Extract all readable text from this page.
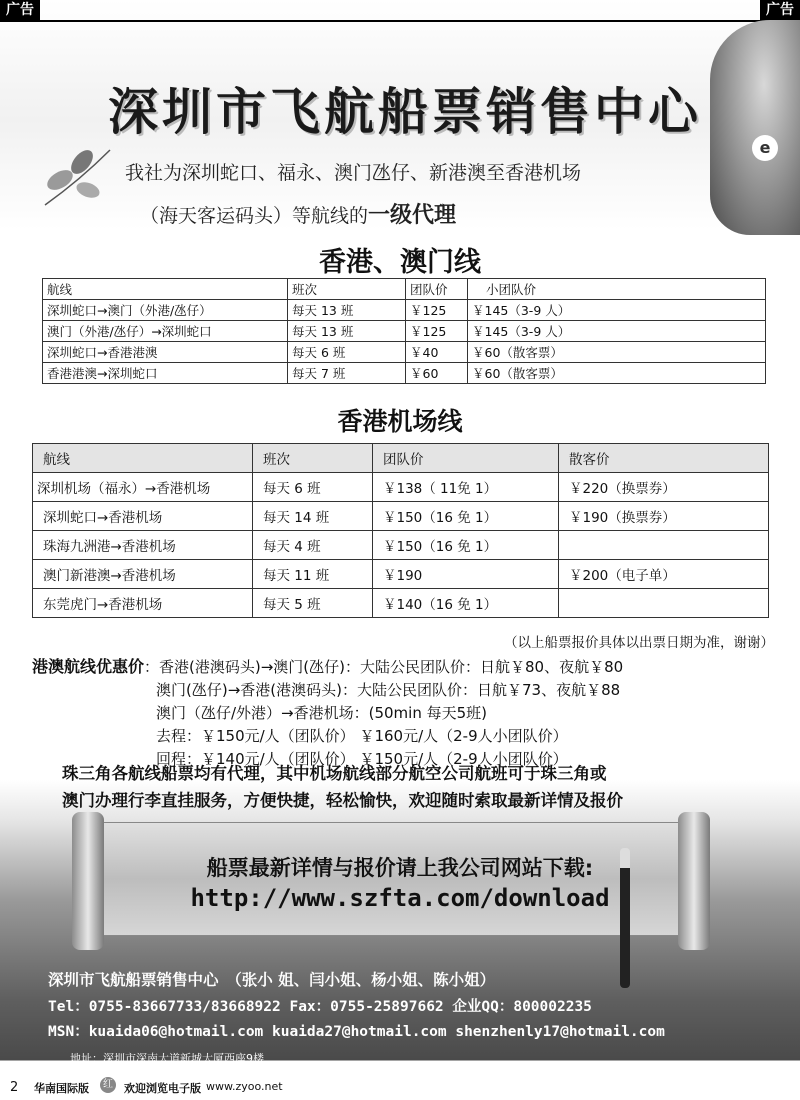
广告	广告
e
深圳市飞航船票销售中心
我社为深圳蛇口、福永、澳门氹仔、新港澳至香港机场
（海天客运码头）等航线的一级代理
香港、澳门线
航线	班次	团队价	小团队价
深圳蛇口→澳门（外港/氹仔）	每天 13 班	￥125	￥145（3-9 人）
澳门（外港/氹仔）→深圳蛇口	每天 13 班	￥125	￥145（3-9 人）
深圳蛇口→香港港澳	每天 6 班	￥40	￥60（散客票）
香港港澳→深圳蛇口	每天 7 班	￥60	￥60（散客票）
香港机场线
航线	班次	团队价	散客价
深圳机场（福永）→香港机场	每天 6 班	￥138（ 11免 1）	￥220（换票券）
深圳蛇口→香港机场	每天 14 班	￥150（16 免 1）	￥190（换票券）
珠海九洲港→香港机场	每天 4 班	￥150（16 免 1）	
澳门新港澳→香港机场	每天 11 班	￥190	￥200（电子单）
东莞虎门→香港机场	每天 5 班	￥140（16 免 1）	
（以上船票报价具体以出票日期为准，谢谢）
港澳航线优惠价：香港(港澳码头)→澳门(氹仔)：大陆公民团队价：日航￥80、夜航￥80
澳门(氹仔)→香港(港澳码头)：大陆公民团队价：日航￥73、夜航￥88
澳门（氹仔/外港）→香港机场：(50min 每天5班)
去程：￥150元/人（团队价） ￥160元/人（2-9人小团队价）
回程：￥140元/人（团队价） ￥150元/人（2-9人小团队价）
珠三角各航线船票均有代理，其中机场航线部分航空公司航班可于珠三角或
澳门办理行李直挂服务，方便快捷，轻松愉快，欢迎随时索取最新详情及报价
船票最新详情与报价请上我公司网站下载:
http://www.szfta.com/download
深圳市飞航船票销售中心　（张小 姐、闫小姐、杨小姐、陈小姐）
Tel：0755-83667733/83668922 Fax：0755-25897662 企业QQ：800002235
MSN：kuaida06@hotmail.com kuaida27@hotmail.com shenzhenly17@hotmail.com
地址：深圳市深南大道新城大厦西座9楼
2 华南国际版	红 欢迎浏览电子版 www.zyoo.net
